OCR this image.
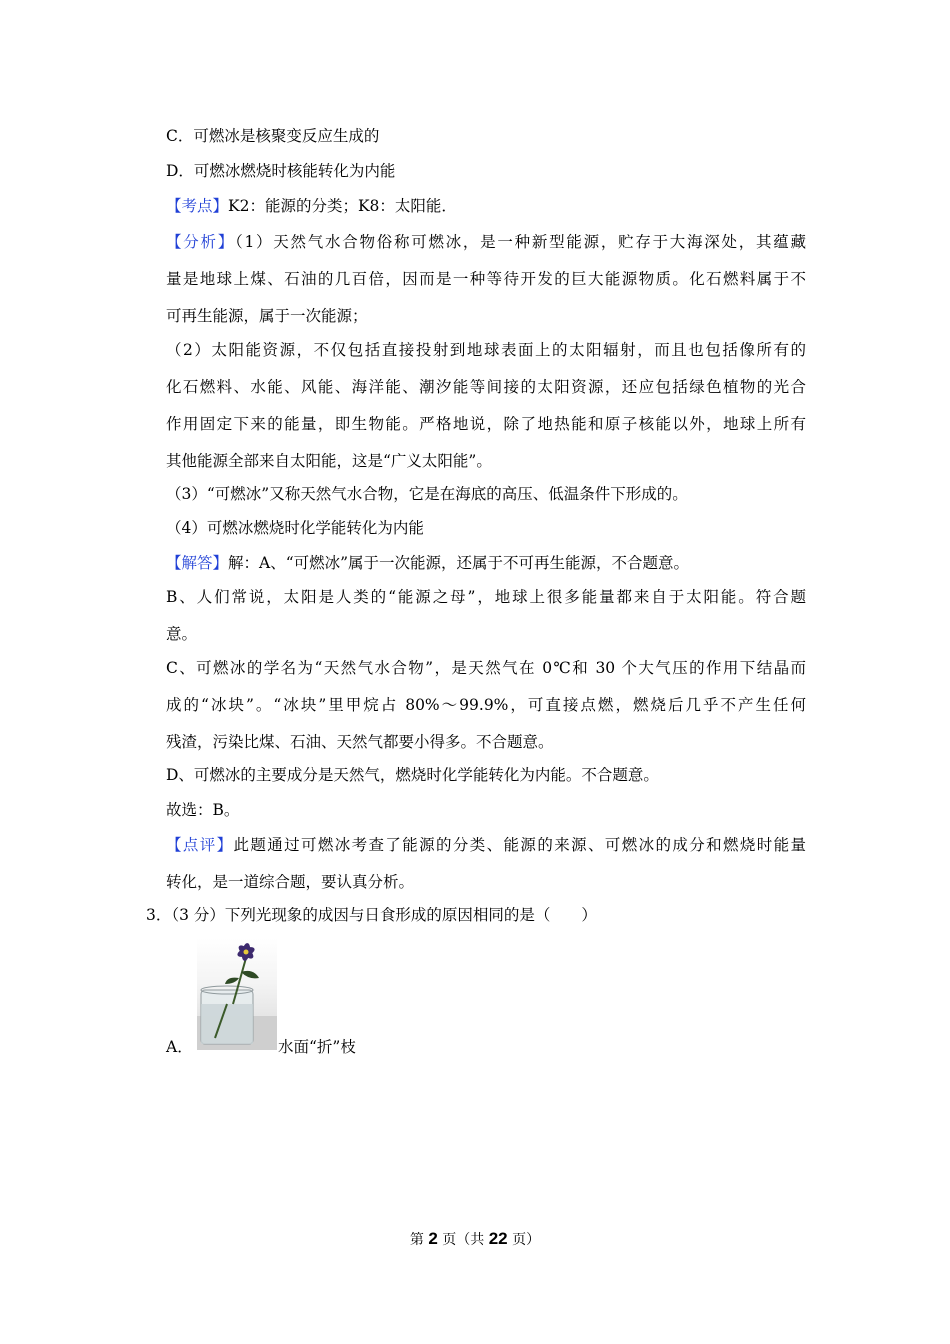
C．可燃冰是核聚变反应生成的
D．可燃冰燃烧时核能转化为内能
【考点】K2：能源的分类；K8：太阳能．
【分析】（1）天然气水合物俗称可燃冰，是一种新型能源，贮存于大海深处，其蕴藏
量是地球上煤、石油的几百倍，因而是一种等待开发的巨大能源物质。化石燃料属于不
可再生能源，属于一次能源；
（2）太阳能资源，不仅包括直接投射到地球表面上的太阳辐射，而且也包括像所有的
化石燃料、水能、风能、海洋能、潮汐能等间接的太阳资源，还应包括绿色植物的光合
作用固定下来的能量，即生物能。严格地说，除了地热能和原子核能以外，地球上所有
其他能源全部来自太阳能，这是“广义太阳能”。
（3）“可燃冰”又称天然气水合物，它是在海底的高压、低温条件下形成的。
（4）可燃冰燃烧时化学能转化为内能
【解答】解：A、“可燃冰”属于一次能源，还属于不可再生能源，不合题意。
B、人们常说，太阳是人类的“能源之母”，地球上很多能量都来自于太阳能。符合题
意。
C、可燃冰的学名为“天然气水合物”，是天然气在 0℃和 30 个大气压的作用下结晶而
成的“冰块”。“冰块”里甲烷占 80%～99.9%，可直接点燃，燃烧后几乎不产生任何
残渣，污染比煤、石油、天然气都要小得多。不合题意。
D、可燃冰的主要成分是天然气，燃烧时化学能转化为内能。不合题意。
故选：B。
【点评】此题通过可燃冰考查了能源的分类、能源的来源、可燃冰的成分和燃烧时能量
转化，是一道综合题，要认真分析。
3．（3 分）下列光现象的成因与日食形成的原因相同的是（　　）
A．	水面“折”枝
第 2 页（共 22 页）
